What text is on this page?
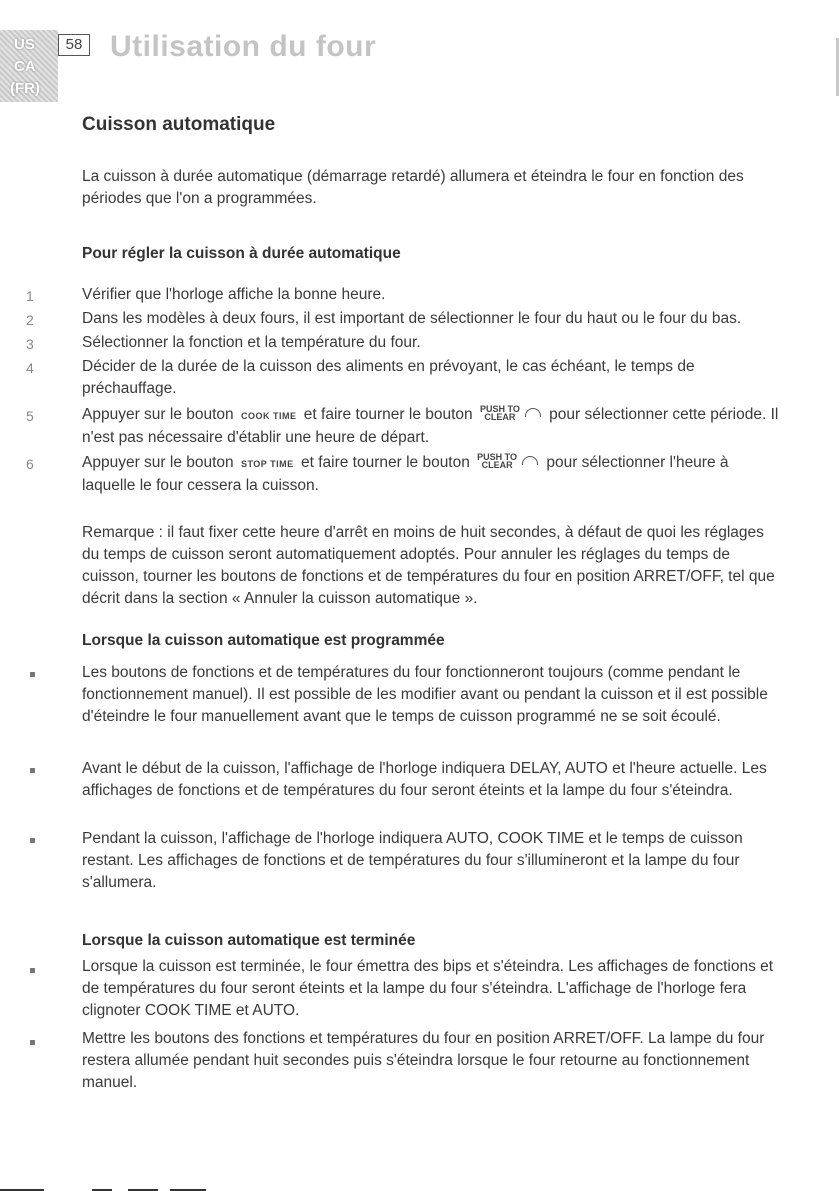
US
CA
(FR)
58 Utilisation du four
Cuisson automatique
La cuisson à durée automatique (démarrage retardé) allumera et éteindra le four en fonction des périodes que l'on a programmées.
Pour régler la cuisson à durée automatique
1	Vérifier que l'horloge affiche la bonne heure.
2	Dans les modèles à deux fours, il est important de sélectionner le four du haut ou le four du bas.
3	Sélectionner la fonction et la température du four.
4	Décider de la durée de la cuisson des aliments en prévoyant, le cas échéant, le temps de préchauffage.
5	Appuyer sur le bouton COOK TIME et faire tourner le bouton PUSH TO
CLEAR pour sélectionner cette période. Il n'est pas nécessaire d'établir une heure de départ.
6	Appuyer sur le bouton STOP TIME et faire tourner le bouton PUSH TO
CLEAR pour sélectionner l'heure à laquelle le four cessera la cuisson.
Remarque : il faut fixer cette heure d'arrêt en moins de huit secondes, à défaut de quoi les réglages du temps de cuisson seront automatiquement adoptés. Pour annuler les réglages du temps de cuisson, tourner les boutons de fonctions et de températures du four en position ARRET/OFF, tel que décrit dans la section « Annuler la cuisson automatique ».
Lorsque la cuisson automatique est programmée
Les boutons de fonctions et de températures du four fonctionneront toujours (comme pendant le fonctionnement manuel). Il est possible de les modifier avant ou pendant la cuisson et il est possible d'éteindre le four manuellement avant que le temps de cuisson programmé ne se soit écoulé.
Avant le début de la cuisson, l'affichage de l'horloge indiquera DELAY, AUTO et l'heure actuelle. Les affichages de fonctions et de températures du four seront éteints et la lampe du four s'éteindra.
Pendant la cuisson, l'affichage de l'horloge indiquera AUTO, COOK TIME et le temps de cuisson restant. Les affichages de fonctions et de températures du four s'illumineront et la lampe du four s'allumera.
Lorsque la cuisson automatique est terminée
Lorsque la cuisson est terminée, le four émettra des bips et s'éteindra. Les affichages de fonctions et de températures du four seront éteints et la lampe du four s'éteindra. L'affichage de l'horloge fera clignoter COOK TIME et AUTO.
Mettre les boutons des fonctions et températures du four en position ARRET/OFF. La lampe du four restera allumée pendant huit secondes puis s'éteindra lorsque le four retourne au fonctionnement manuel.
